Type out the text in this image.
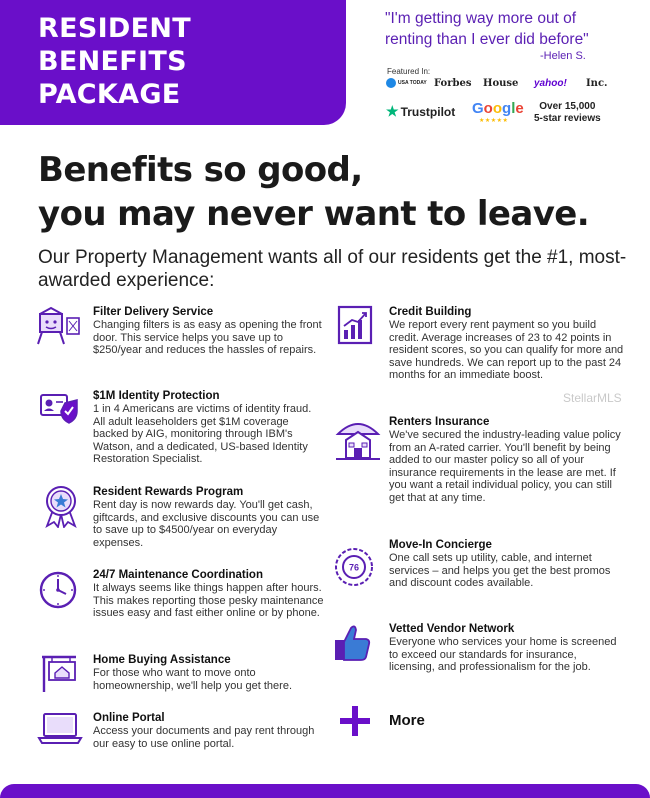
RESIDENT
BENEFITS
PACKAGE
"I'm getting way more out of renting than I ever did before"
-Helen S.
Featured In:
USA TODAY Forbes House yahoo! Inc.
★ Trustpilot Google
★★★★★
Over 15,000
5-star reviews
Benefits so good,
you may never want to leave.
Our Property Management wants all of our residents get the #1, most-awarded experience:
Filter Delivery Service
Changing filters is as easy as opening the front door. This service helps you save up to $250/year and reduces the hassles of repairs.
$1M Identity Protection
1 in 4 Americans are victims of identity fraud. All adult leaseholders get $1M coverage backed by AIG, monitoring through IBM's Watson, and a dedicated, US-based Identity Restoration Specialist.
Resident Rewards Program
Rent day is now rewards day. You'll get cash, giftcards, and exclusive discounts you can use to save up to $4500/year on everyday expenses.
24/7 Maintenance Coordination
It always seems like things happen after hours. This makes reporting those pesky maintenance issues easy and fast either online or by phone.
Home Buying Assistance
For those who want to move onto homeownership, we'll help you get there.
Online Portal
Access your documents and pay rent through our easy to use online portal.
Credit Building
We report every rent payment so you build credit. Average increases of 23 to 42 points in resident scores, so you can qualify for more and save hundreds. We can report up to the past 24 months for an immediate boost.
StellarMLS
Renters Insurance
We've secured the industry-leading value policy from an A-rated carrier. You'll benefit by being added to our master policy so all of your insurance requirements in the lease are met. If you want a retail individual policy, you can still get that at any time.
76
Move-In Concierge
One call sets up utility, cable, and internet services – and helps you get the best promos and discount codes available.
Vetted Vendor Network
Everyone who services your home is screened to exceed our standards for insurance, licensing, and professionalism for the job.
More
